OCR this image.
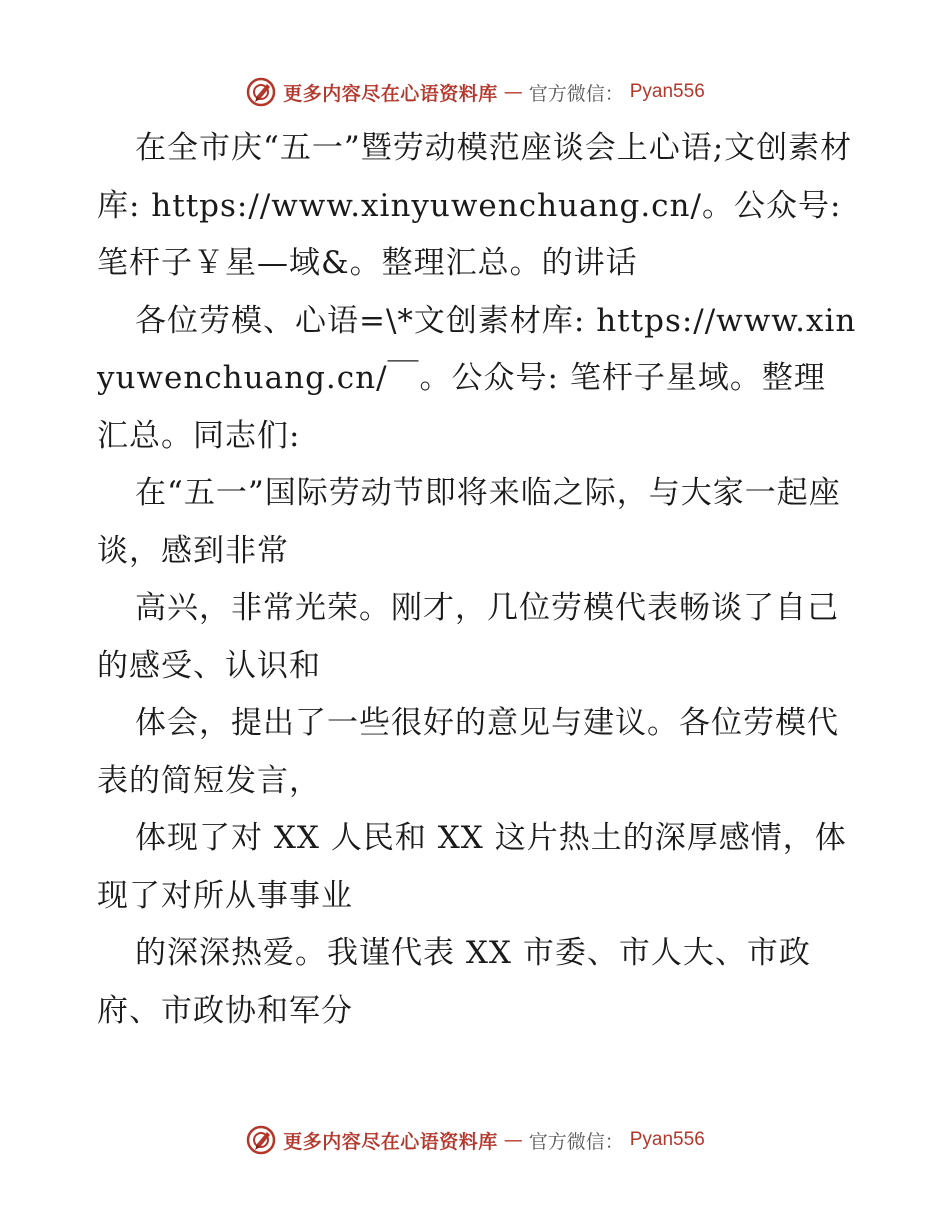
更多内容尽在心语资料库 — 官方微信： Pyan556

在全市庆“五一”暨劳动模范座谈会上心语;文创素材库: https://www.xinyuwenchuang.cn/。公众号: 笔杆子￥星—域&。整理汇总。的讲话

各位劳模、心语=\*文创素材库: https://www.xinyuwenchuang.cn/￣。公众号: 笔杆子星域。整理汇总。同志们:

在“五一”国际劳动节即将来临之际，与大家一起座谈，感到非常

高兴，非常光荣。刚才，几位劳模代表畅谈了自己的感受、认识和

体会，提出了一些很好的意见与建议。各位劳模代表的简短发言，

体现了对 XX 人民和 XX 这片热土的深厚感情，体现了对所从事事业

的深深热爱。我谨代表 XX 市委、市人大、市政府、市政协和军分

更多内容尽在心语资料库 — 官方微信： Pyan556
